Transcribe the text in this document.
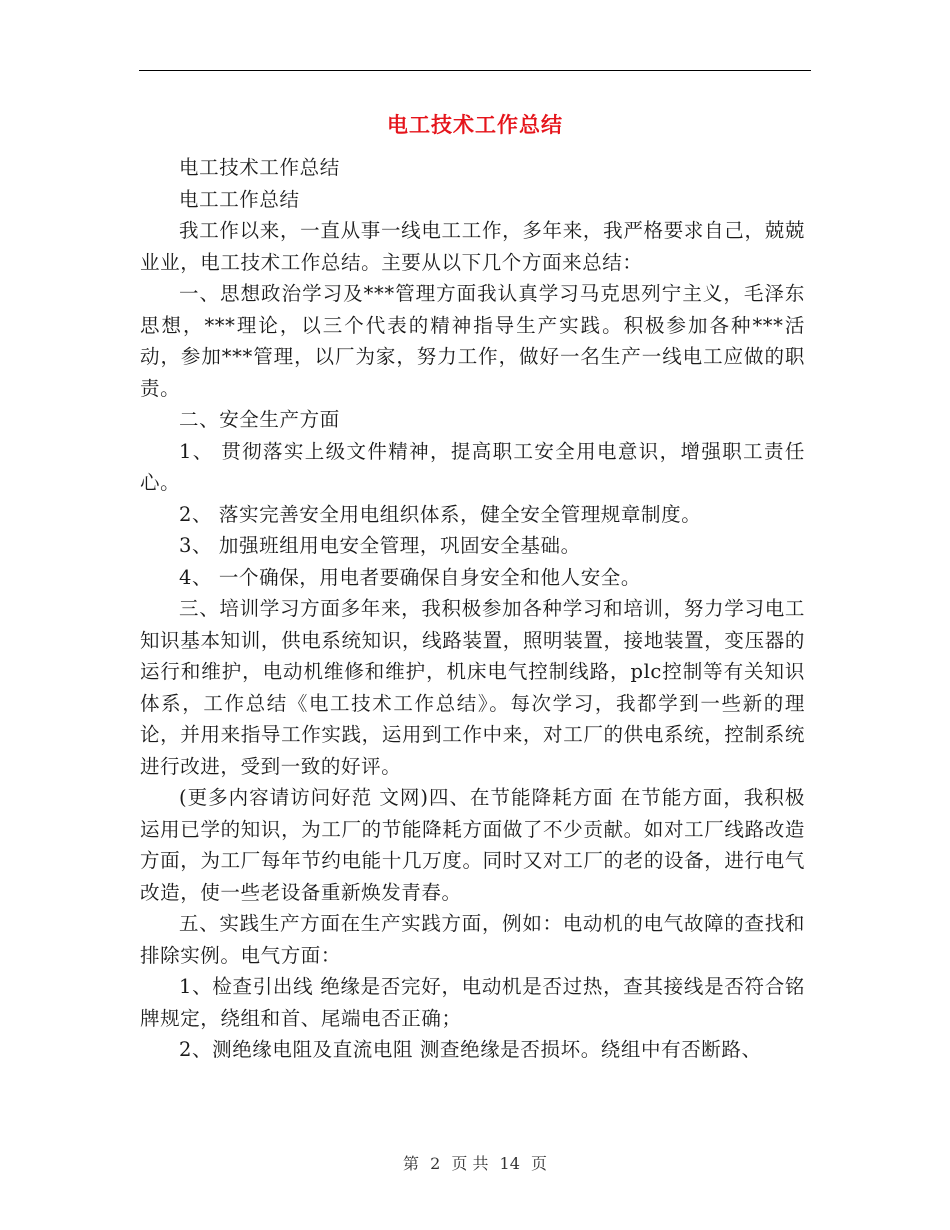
电工技术工作总结

电工技术工作总结

电工工作总结

我工作以来，一直从事一线电工工作，多年来，我严格要求自己，兢兢业业，电工技术工作总结。主要从以下几个方面来总结：

一、思想政治学习及***管理方面我认真学习马克思列宁主义，毛泽东思想，***理论，以三个代表的精神指导生产实践。积极参加各种***活动，参加***管理，以厂为家，努力工作，做好一名生产一线电工应做的职责。

二、安全生产方面

1、 贯彻落实上级文件精神，提高职工安全用电意识，增强职工责任心。

2、 落实完善安全用电组织体系，健全安全管理规章制度。

3、 加强班组用电安全管理，巩固安全基础。

4、 一个确保，用电者要确保自身安全和他人安全。

三、培训学习方面多年来，我积极参加各种学习和培训，努力学习电工知识基本知训，供电系统知识，线路装置，照明装置，接地装置，变压器的运行和维护，电动机维修和维护，机床电气控制线路，plc控制等有关知识体系，工作总结《电工技术工作总结》。每次学习，我都学到一些新的理论，并用来指导工作实践，运用到工作中来，对工厂的供电系统，控制系统进行改进，受到一致的好评。

(更多内容请访问好范 文网)四、在节能降耗方面 在节能方面，我积极运用已学的知识，为工厂的节能降耗方面做了不少贡献。如对工厂线路改造方面，为工厂每年节约电能十几万度。同时又对工厂的老的设备，进行电气改造，使一些老设备重新焕发青春。

五、实践生产方面在生产实践方面，例如：电动机的电气故障的查找和排除实例。电气方面：

1、检查引出线 绝缘是否完好，电动机是否过热，查其接线是否符合铭牌规定，绕组和首、尾端电否正确；

2、测绝缘电阻及直流电阻 测查绝缘是否损坏。绕组中有否断路、

第 2 页 共 14 页
